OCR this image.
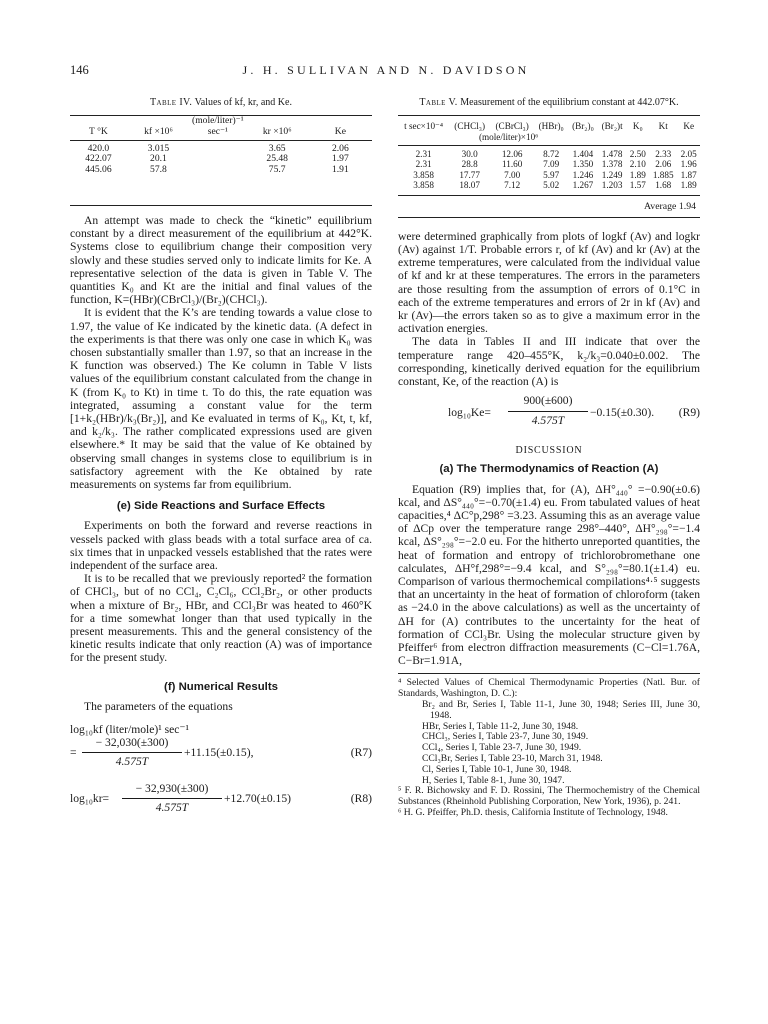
146	J. H. SULLIVAN AND N. DAVIDSON
Table IV. Values of kf, kr, and Ke.
T °K	kf ×10⁶	(mole/liter)⁻¹ sec⁻¹	kr ×10⁶	Ke

420.0	3.015		3.65	2.06
422.07	20.1		25.48	1.97
445.06	57.8		75.7	1.91

An attempt was made to check the “kinetic” equilibrium constant by a direct measurement of the equilibrium at 442°K. Systems close to equilibrium change their composition very slowly and these studies served only to indicate limits for Ke. A representative selection of the data is given in Table V. The quantities K₀ and Kt are the initial and final values of the function, K=(HBr)(CBrCl₃)/(Br₂)(CHCl₃).

It is evident that the K’s are tending towards a value close to 1.97, the value of Ke indicated by the kinetic data. (A defect in the experiments is that there was only one case in which K₀ was chosen substantially smaller than 1.97, so that an increase in the K function was observed.) The Ke column in Table V lists values of the equilibrium constant calculated from the change in K (from K₀ to Kt) in time t. To do this, the rate equation was integrated, assuming a constant value for the term [1+k₂(HBr)/k₃(Br₂)], and Ke evaluated in terms of K₀, Kt, t, kf, and k₂/k₃. The rather complicated expressions used are given elsewhere.* It may be said that the value of Ke obtained by observing small changes in systems close to equilibrium is in satisfactory agreement with the Ke obtained by rate measurements on systems far from equilibrium.

(e) Side Reactions and Surface Effects

Experiments on both the forward and reverse reactions in vessels packed with glass beads with a total surface area of ca. six times that in unpacked vessels established that the rates were independent of the surface area.

It is to be recalled that we previously reported² the formation of CHCl₃, but of no CCl₄, C₂Cl₆, CCl₂Br₂, or other products when a mixture of Br₂, HBr, and CCl₃Br was heated to 460°K for a time somewhat longer than that used typically in the present measurements. This and the general consistency of the kinetic results indicate that only reaction (A) was of importance for the present study.

(f) Numerical Results

The parameters of the equations

log₁₀kf (liter/mole)¹ sec⁻¹
=
− 32,030(±300)
4.575T
+11.15(±0.15),	(R7)
log₁₀kr=
− 32,930(±300)
4.575T
+12.70(±0.15)	(R8)
Table V. Measurement of the equilibrium constant at 442.07°K.
t sec×10⁻⁴	(CHCl₃)	(CBrCl₃)	(HBr)₀	(Br₂)₀	(Br₂)t	K₀	Kt	Ke
	(mole/liter)×10⁶							

2.31	30.0	12.06	8.72	1.404	1.478	2.50	2.33	2.05
2.31	28.8	11.60	7.09	1.350	1.378	2.10	2.06	1.96
3.858	17.77	7.00	5.97	1.246	1.249	1.89	1.885	1.87
3.858	18.07	7.12	5.02	1.267	1.203	1.57	1.68	1.89

Average 1.94

were determined graphically from plots of logkf (Av) and logkr (Av) against 1/T. Probable errors r, of kf (Av) and kr (Av) at the extreme temperatures, were calculated from the individual value of kf and kr at these temperatures. The errors in the parameters are those resulting from the assumption of errors of 0.1°C in each of the extreme temperatures and errors of 2r in kf (Av) and kr (Av)—the errors taken so as to give a maximum error in the activation energies.

The data in Tables II and III indicate that over the temperature range 420–455°K, k₂/k₃=0.040±0.002. The corresponding, kinetically derived equation for the equilibrium constant, Ke, of the reaction (A) is

log₁₀Ke=
900(±600)
4.575T
−0.15(±0.30). (R9)
DISCUSSION
(a) The Thermodynamics of Reaction (A)

Equation (R9) implies that, for (A), ΔH°₄₄₀° =−0.90(±0.6) kcal, and ΔS°₄₄₀°=−0.70(±1.4) eu. From tabulated values of heat capacities,⁴ ΔC°p,298° =3.23. Assuming this as an average value of ΔCp over the temperature range 298°–440°, ΔH°₂₉₈°=−1.4 kcal, ΔS°₂₉₈°=−2.0 eu. For the hitherto unreported quantities, the heat of formation and entropy of trichlorobromethane one calculates, ΔH°f,298°=−9.4 kcal, and S°₂₉₈°=80.1(±1.4) eu. Comparison of various thermochemical compilations⁴·⁵ suggests that an uncertainty in the heat of formation of chloroform (taken as −24.0 in the above calculations) as well as the uncertainty of ΔH for (A) contributes to the uncertainty for the heat of formation of CCl₃Br. Using the molecular structure given by Pfeiffer⁶ from electron diffraction measurements (C−Cl=1.76A, C−Br=1.91A,

⁴ Selected Values of Chemical Thermodynamic Properties (Natl. Bur. of Standards, Washington, D. C.):
Br₂ and Br, Series I, Table 11-1, June 30, 1948; Series III, June 30, 1948.
HBr, Series I, Table 11-2, June 30, 1948.
CHCl₃, Series I, Table 23-7, June 30, 1949.
CCl₄, Series I, Table 23-7, June 30, 1949.
CCl₃Br, Series I, Table 23-10, March 31, 1948.
Cl, Series I, Table 10-1, June 30, 1948.
H, Series I, Table 8-1, June 30, 1947.
⁵ F. R. Bichowsky and F. D. Rossini, The Thermochemistry of the Chemical Substances (Rheinhold Publishing Corporation, New York, 1936), p. 241.
⁶ H. G. Pfeiffer, Ph.D. thesis, California Institute of Technology, 1948.
